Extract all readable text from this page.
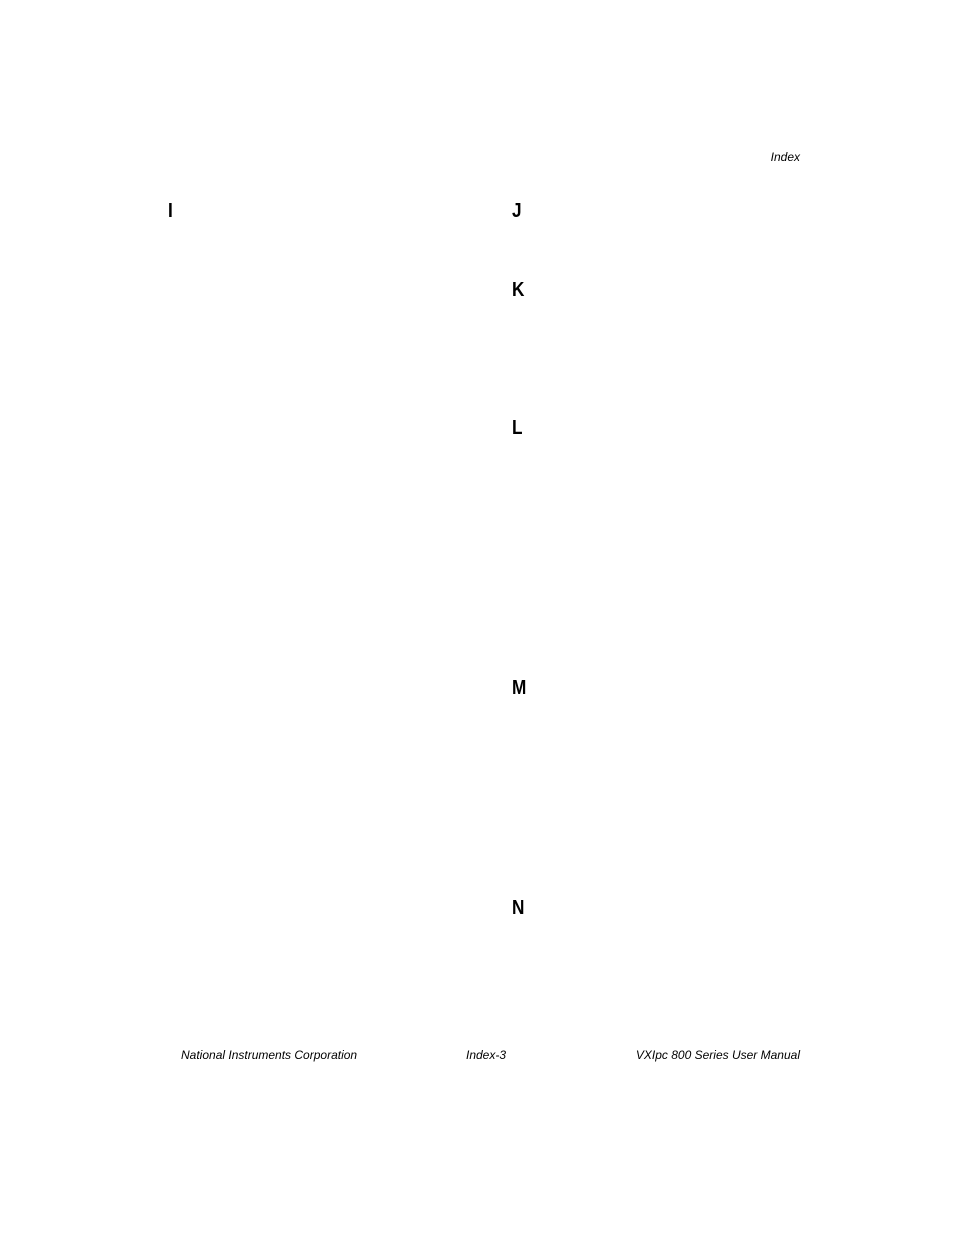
Index
I	J
K
L
M
N
National Instruments Corporation	Index-3	VXIpc 800 Series User Manual
